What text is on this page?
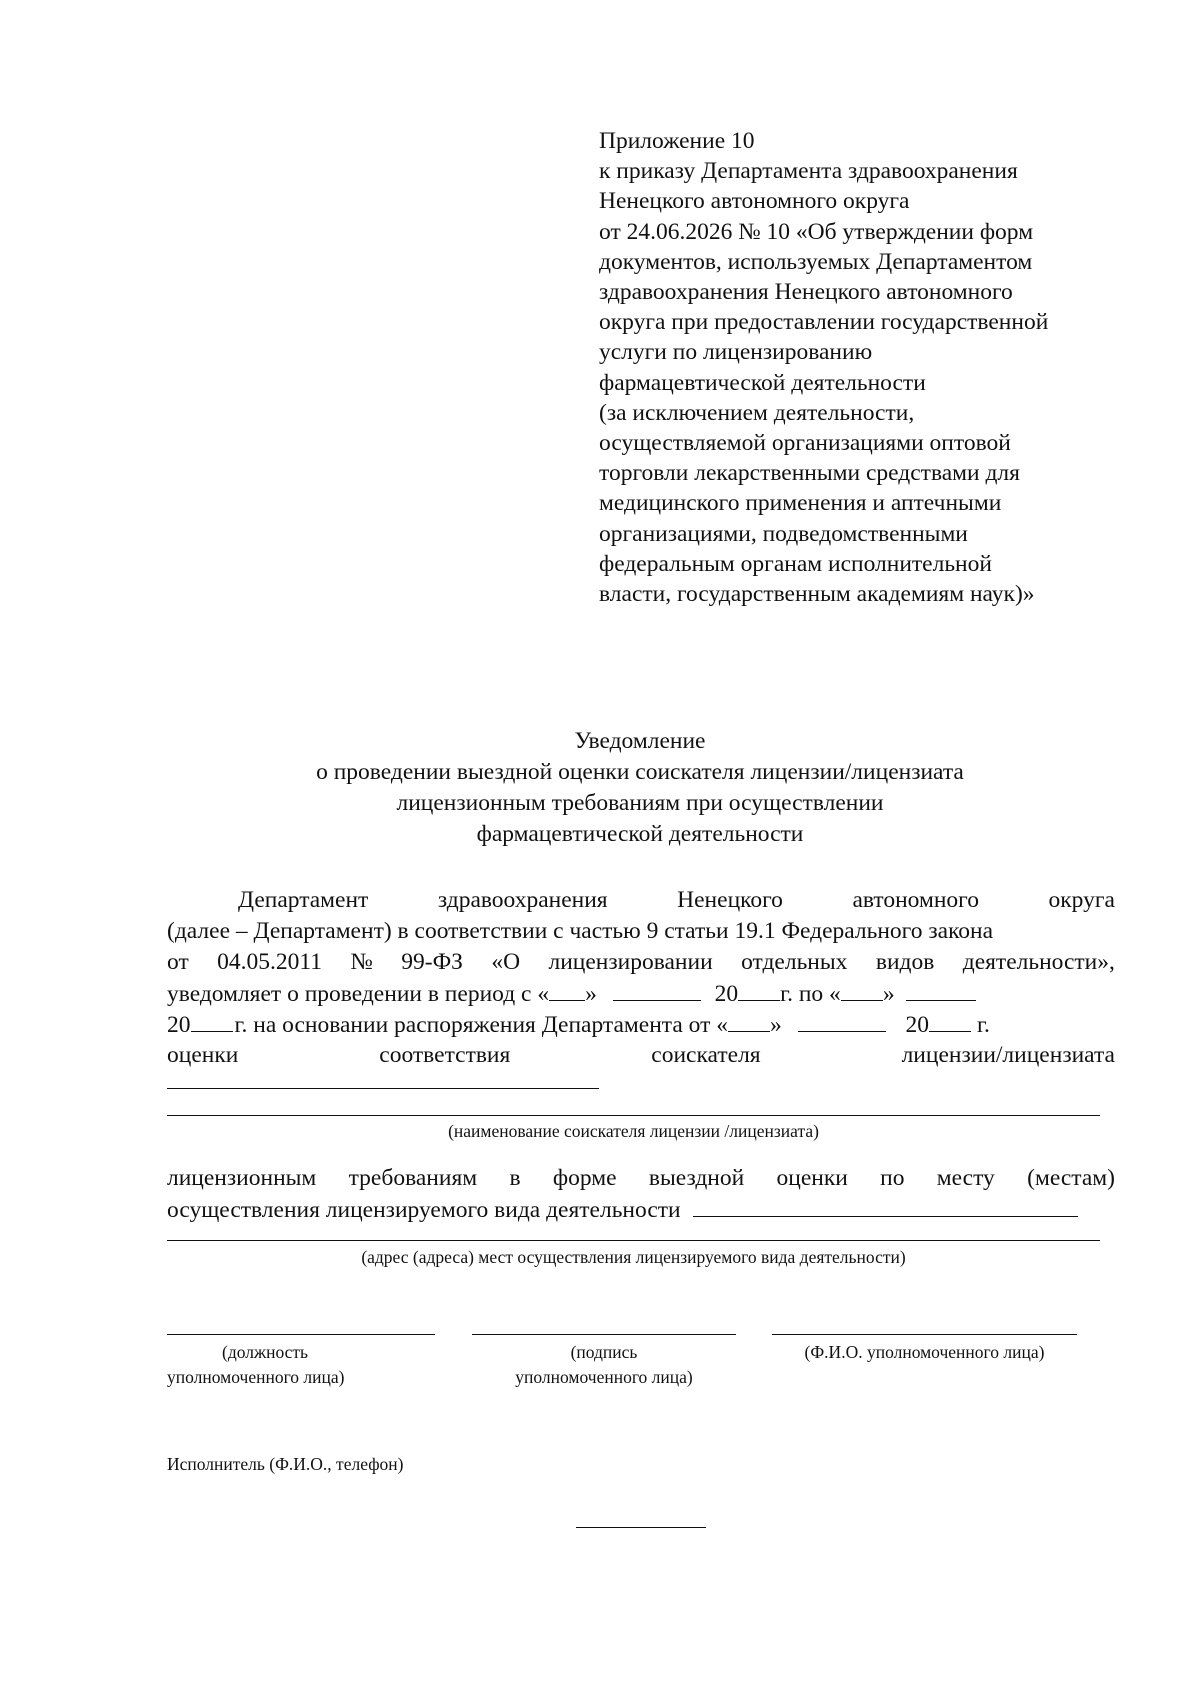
Приложение 10
к приказу Департамента здравоохранения
Ненецкого автономного округа
от 24.06.2026 № 10 «Об утверждении форм
документов, используемых Департаментом
здравоохранения Ненецкого автономного
округа при предоставлении государственной
услуги по лицензированию
фармацевтической деятельности
(за исключением деятельности,
осуществляемой организациями оптовой
торговли лекарственными средствами для
медицинского применения и аптечными
организациями, подведомственными
федеральным органам исполнительной
власти, государственным академиям наук)»
Уведомление
о проведении выездной оценки соискателя лицензии/лицензиата
лицензионным требованиям при осуществлении
фармацевтической деятельности
Департамент	здравоохранения	Ненецкого	автономного	округа
(далее – Департамент) в соответствии с частью 9 статьи 19.1 Федерального закона
от 04.05.2011 № 99-ФЗ «О лицензировании отдельных видов деятельности»,
уведомляет о проведении в период с « »	20 г. по « »
20 г. на основании распоряжения Департамента от « »	20 г.
оценки	соответствия	соискателя	лицензии/лицензиата
(наименование соискателя лицензии /лицензиата)
лицензионным требованиям в форме выездной оценки по месту (местам)
осуществления лицензируемого вида деятельности
(адрес (адреса) мест осуществления лицензируемого вида деятельности)
(должность
уполномоченного лица)
(подпись
уполномоченного лица)
(Ф.И.О. уполномоченного лица)
Исполнитель (Ф.И.О., телефон)
